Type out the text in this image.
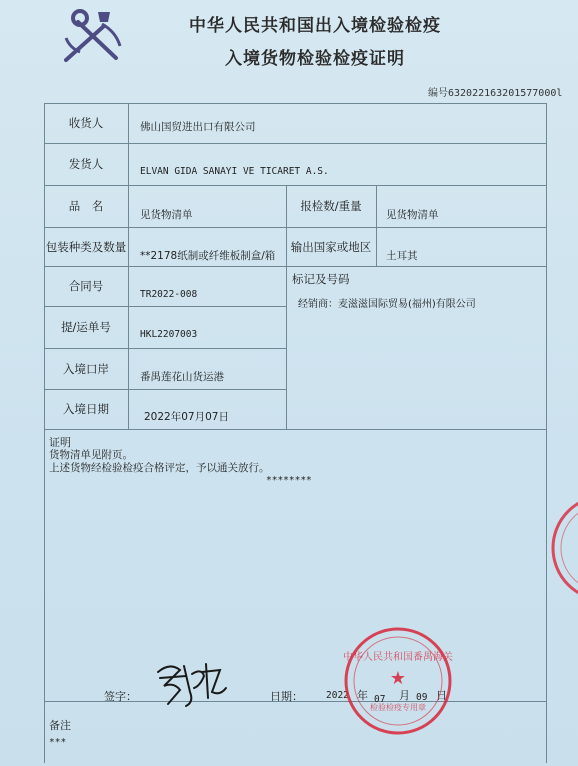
中华人民共和国出入境检验检疫
入境货物检验检疫证明
编号632022163201577000l
收货人	佛山国贸进出口有限公司
发货人
ELVAN GIDA SANAYI VE TICARET A.S.
品　名
见货物清单
报检数/重量
见货物清单
包装种类及数量
**2178纸制或纤维板制盒/箱
输出国家或地区
土耳其
合同号
TR2022-008
标记及号码
经销商：麦滋滋国际贸易(福州)有限公司
提/运单号
HKL2207003
入境口岸
番禺莲花山货运港
入境日期
2022年07月07日
证明
货物清单见附页。
上述货物经检验检疫合格评定，予以通关放行。
********
签字：	日期： 2022 年 07 月 09 日
备注
***
★
中华人民共和国番禺海关
检验检疫专用章
